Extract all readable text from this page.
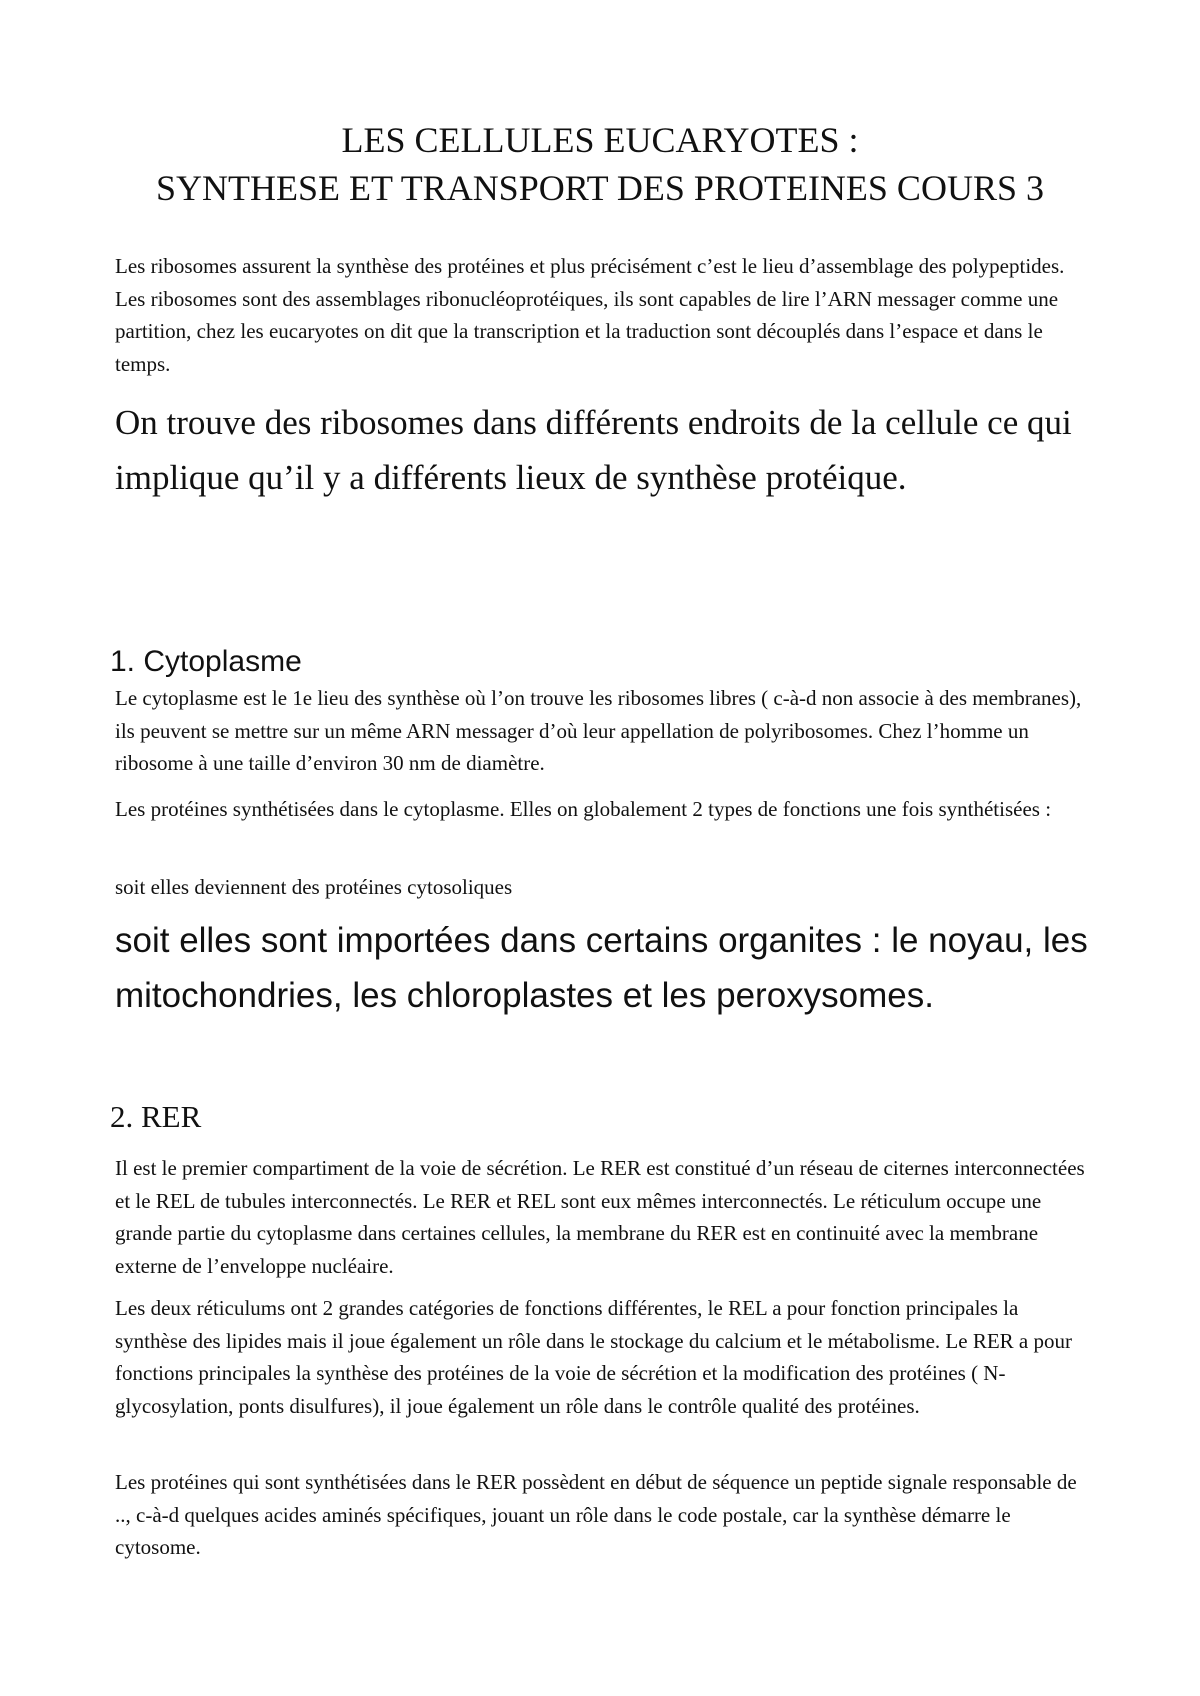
LES CELLULES EUCARYOTES :
SYNTHESE ET TRANSPORT DES PROTEINES COURS 3

Les ribosomes assurent la synthèse des protéines et plus précisément c’est le lieu d’assemblage des polypeptides. Les ribosomes sont des assemblages ribonucléoprotéiques, ils sont capables de lire l’ARN messager comme une partition, chez les eucaryotes on dit que la transcription et la traduction sont découplés dans l’espace et dans le temps.

On trouve des ribosomes dans différents endroits de la cellule ce qui implique qu’il y a différents lieux de synthèse protéique.

1. Cytoplasme

Le cytoplasme est le 1e lieu des synthèse où l’on trouve les ribosomes libres ( c-à-d non associe à des membranes), ils peuvent se mettre sur un même ARN messager d’où leur appellation de polyribosomes. Chez l’homme un ribosome à une taille d’environ 30 nm de diamètre.

Les protéines synthétisées dans le cytoplasme. Elles on globalement 2 types de fonctions une fois synthétisées :

soit elles deviennent des protéines cytosoliques

soit elles sont importées dans certains organites : le noyau, les mitochondries, les chloroplastes et les peroxysomes.

2. RER

Il est le premier compartiment de la voie de sécrétion. Le RER est constitué d’un réseau de citernes interconnectées et le REL de tubules interconnectés. Le RER et REL sont eux mêmes interconnectés. Le réticulum occupe une grande partie du cytoplasme dans certaines cellules, la membrane du RER est en continuité avec la membrane externe de l’enveloppe nucléaire.

Les deux réticulums ont 2 grandes catégories de fonctions différentes, le REL a pour fonction principales la synthèse des lipides mais il joue également un rôle dans le stockage du calcium et le métabolisme. Le RER a pour fonctions principales la synthèse des protéines de la voie de sécrétion et la modification des protéines ( N-glycosylation, ponts disulfures), il joue également un rôle dans le contrôle qualité des protéines.

Les protéines qui sont synthétisées dans le RER possèdent en début de séquence un peptide signale responsable de .., c-à-d quelques acides aminés spécifiques, jouant un rôle dans le code postale, car la synthèse démarre le cytosome.
